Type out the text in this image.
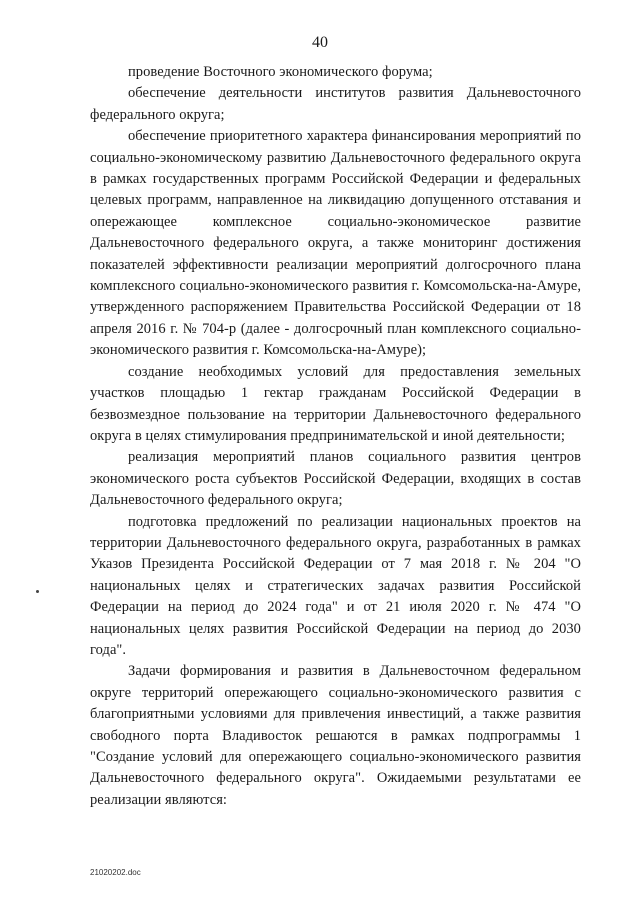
40

проведение Восточного экономического форума;

обеспечение деятельности институтов развития Дальневосточного федерального округа;

обеспечение приоритетного характера финансирования мероприятий по социально-экономическому развитию Дальневосточного федерального округа в рамках государственных программ Российской Федерации и федеральных целевых программ, направленное на ликвидацию допущенного отставания и опережающее комплексное социально-экономическое развитие Дальневосточного федерального округа, а также мониторинг достижения показателей эффективности реализации мероприятий долгосрочного плана комплексного социально-экономического развития г. Комсомольска-на-Амуре, утвержденного распоряжением Правительства Российской Федерации от 18 апреля 2016 г. № 704-р (далее - долгосрочный план комплексного социально-экономического развития г. Комсомольска-на-Амуре);

создание необходимых условий для предоставления земельных участков площадью 1 гектар гражданам Российской Федерации в безвозмездное пользование на территории Дальневосточного федерального округа в целях стимулирования предпринимательской и иной деятельности;

реализация мероприятий планов социального развития центров экономического роста субъектов Российской Федерации, входящих в состав Дальневосточного федерального округа;

подготовка предложений по реализации национальных проектов на территории Дальневосточного федерального округа, разработанных в рамках Указов Президента Российской Федерации от 7 мая 2018 г. № 204 "О национальных целях и стратегических задачах развития Российской Федерации на период до 2024 года" и от 21 июля 2020 г. № 474 "О национальных целях развития Российской Федерации на период до 2030 года".

Задачи формирования и развития в Дальневосточном федеральном округе территорий опережающего социально-экономического развития с благоприятными условиями для привлечения инвестиций, а также развития свободного порта Владивосток решаются в рамках подпрограммы 1 "Создание условий для опережающего социально-экономического развития Дальневосточного федерального округа". Ожидаемыми результатами ее реализации являются:

21020202.doc
